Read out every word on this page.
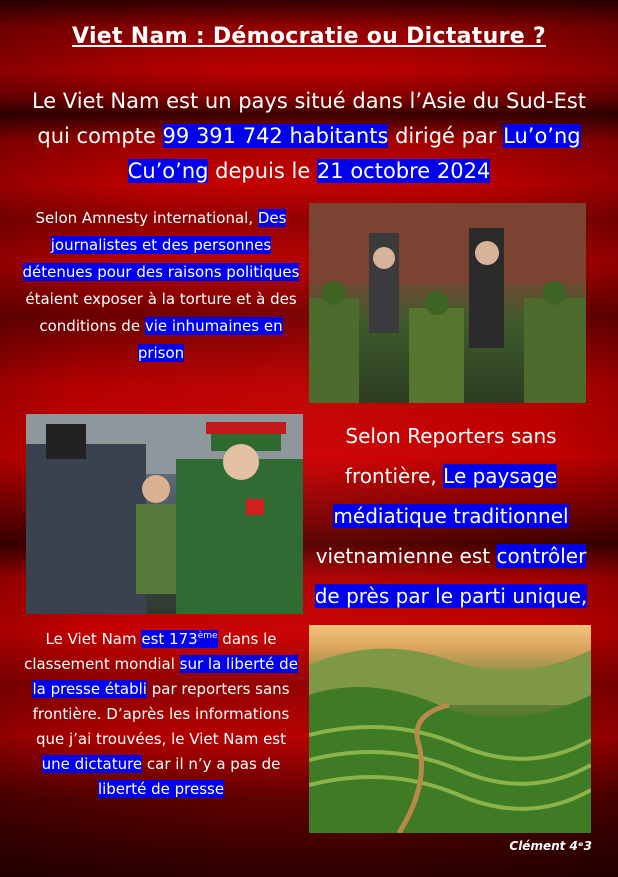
Viet Nam : Démocratie ou Dictature ?
Le Viet Nam est un pays situé dans l’Asie du Sud-Est qui compte 99 391 742 habitants dirigé par Lu’o’ng Cu’o’ng depuis le 21 octobre 2024
Selon Amnesty international, Des journalistes et des personnes détenues pour des raisons politiques étaient exposer à la torture et à des conditions de vie inhumaines en prison
Selon Reporters sans frontière, Le paysage médiatique traditionnel vietnamienne est contrôler de près par le parti unique,
Le Viet Nam est 173ème dans le classement mondial sur la liberté de la presse établi par reporters sans frontière. D’après les informations que j’ai trouvées, le Viet Nam est une dictature car il n’y a pas de liberté de presse
Clément 4ᵉ3
